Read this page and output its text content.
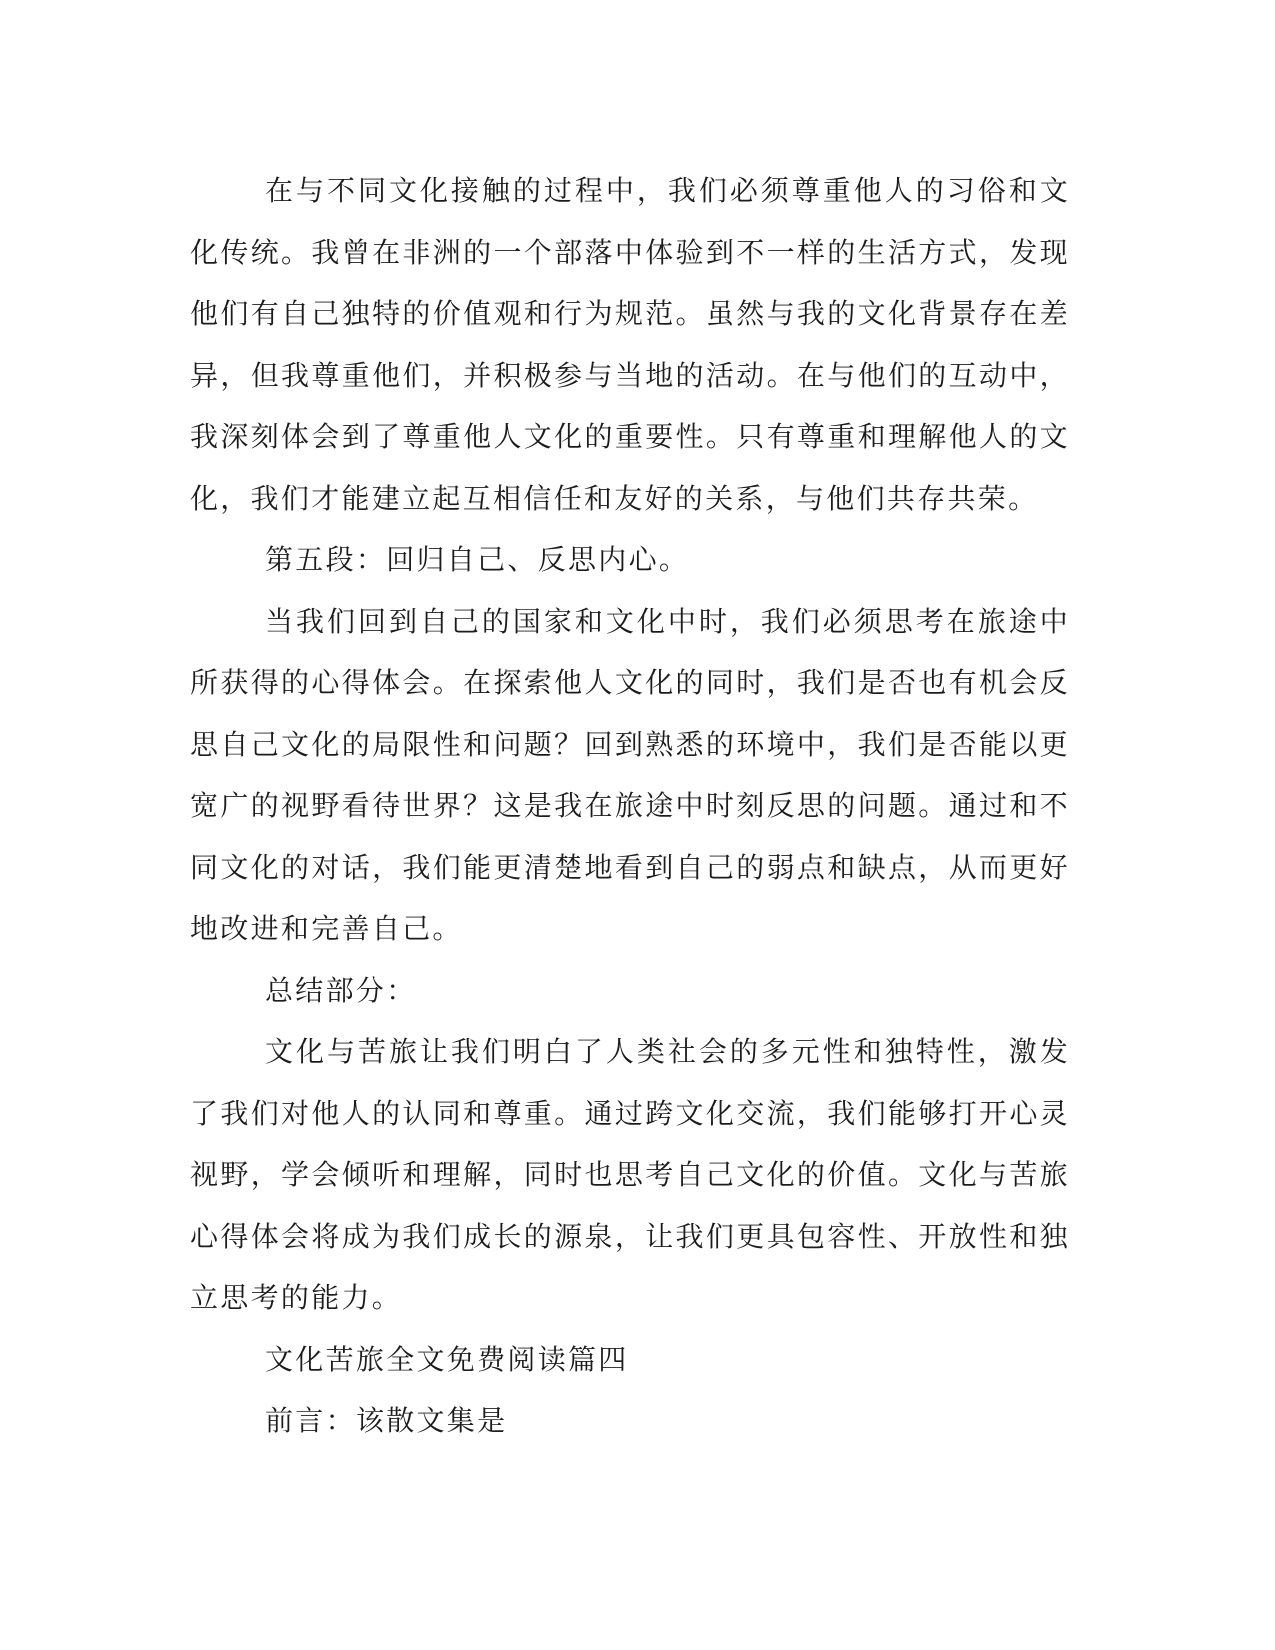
在与不同文化接触的过程中，我们必须尊重他人的习俗和文化传统。我曾在非洲的一个部落中体验到不一样的生活方式，发现他们有自己独特的价值观和行为规范。虽然与我的文化背景存在差异，但我尊重他们，并积极参与当地的活动。在与他们的互动中，我深刻体会到了尊重他人文化的重要性。只有尊重和理解他人的文化，我们才能建立起互相信任和友好的关系，与他们共存共荣。

第五段：回归自己、反思内心。

当我们回到自己的国家和文化中时，我们必须思考在旅途中所获得的心得体会。在探索他人文化的同时，我们是否也有机会反思自己文化的局限性和问题？回到熟悉的环境中，我们是否能以更宽广的视野看待世界？这是我在旅途中时刻反思的问题。通过和不同文化的对话，我们能更清楚地看到自己的弱点和缺点，从而更好地改进和完善自己。

总结部分：

文化与苦旅让我们明白了人类社会的多元性和独特性，激发了我们对他人的认同和尊重。通过跨文化交流，我们能够打开心灵视野，学会倾听和理解，同时也思考自己文化的价值。文化与苦旅心得体会将成为我们成长的源泉，让我们更具包容性、开放性和独立思考的能力。

文化苦旅全文免费阅读篇四

前言：该散文集是
